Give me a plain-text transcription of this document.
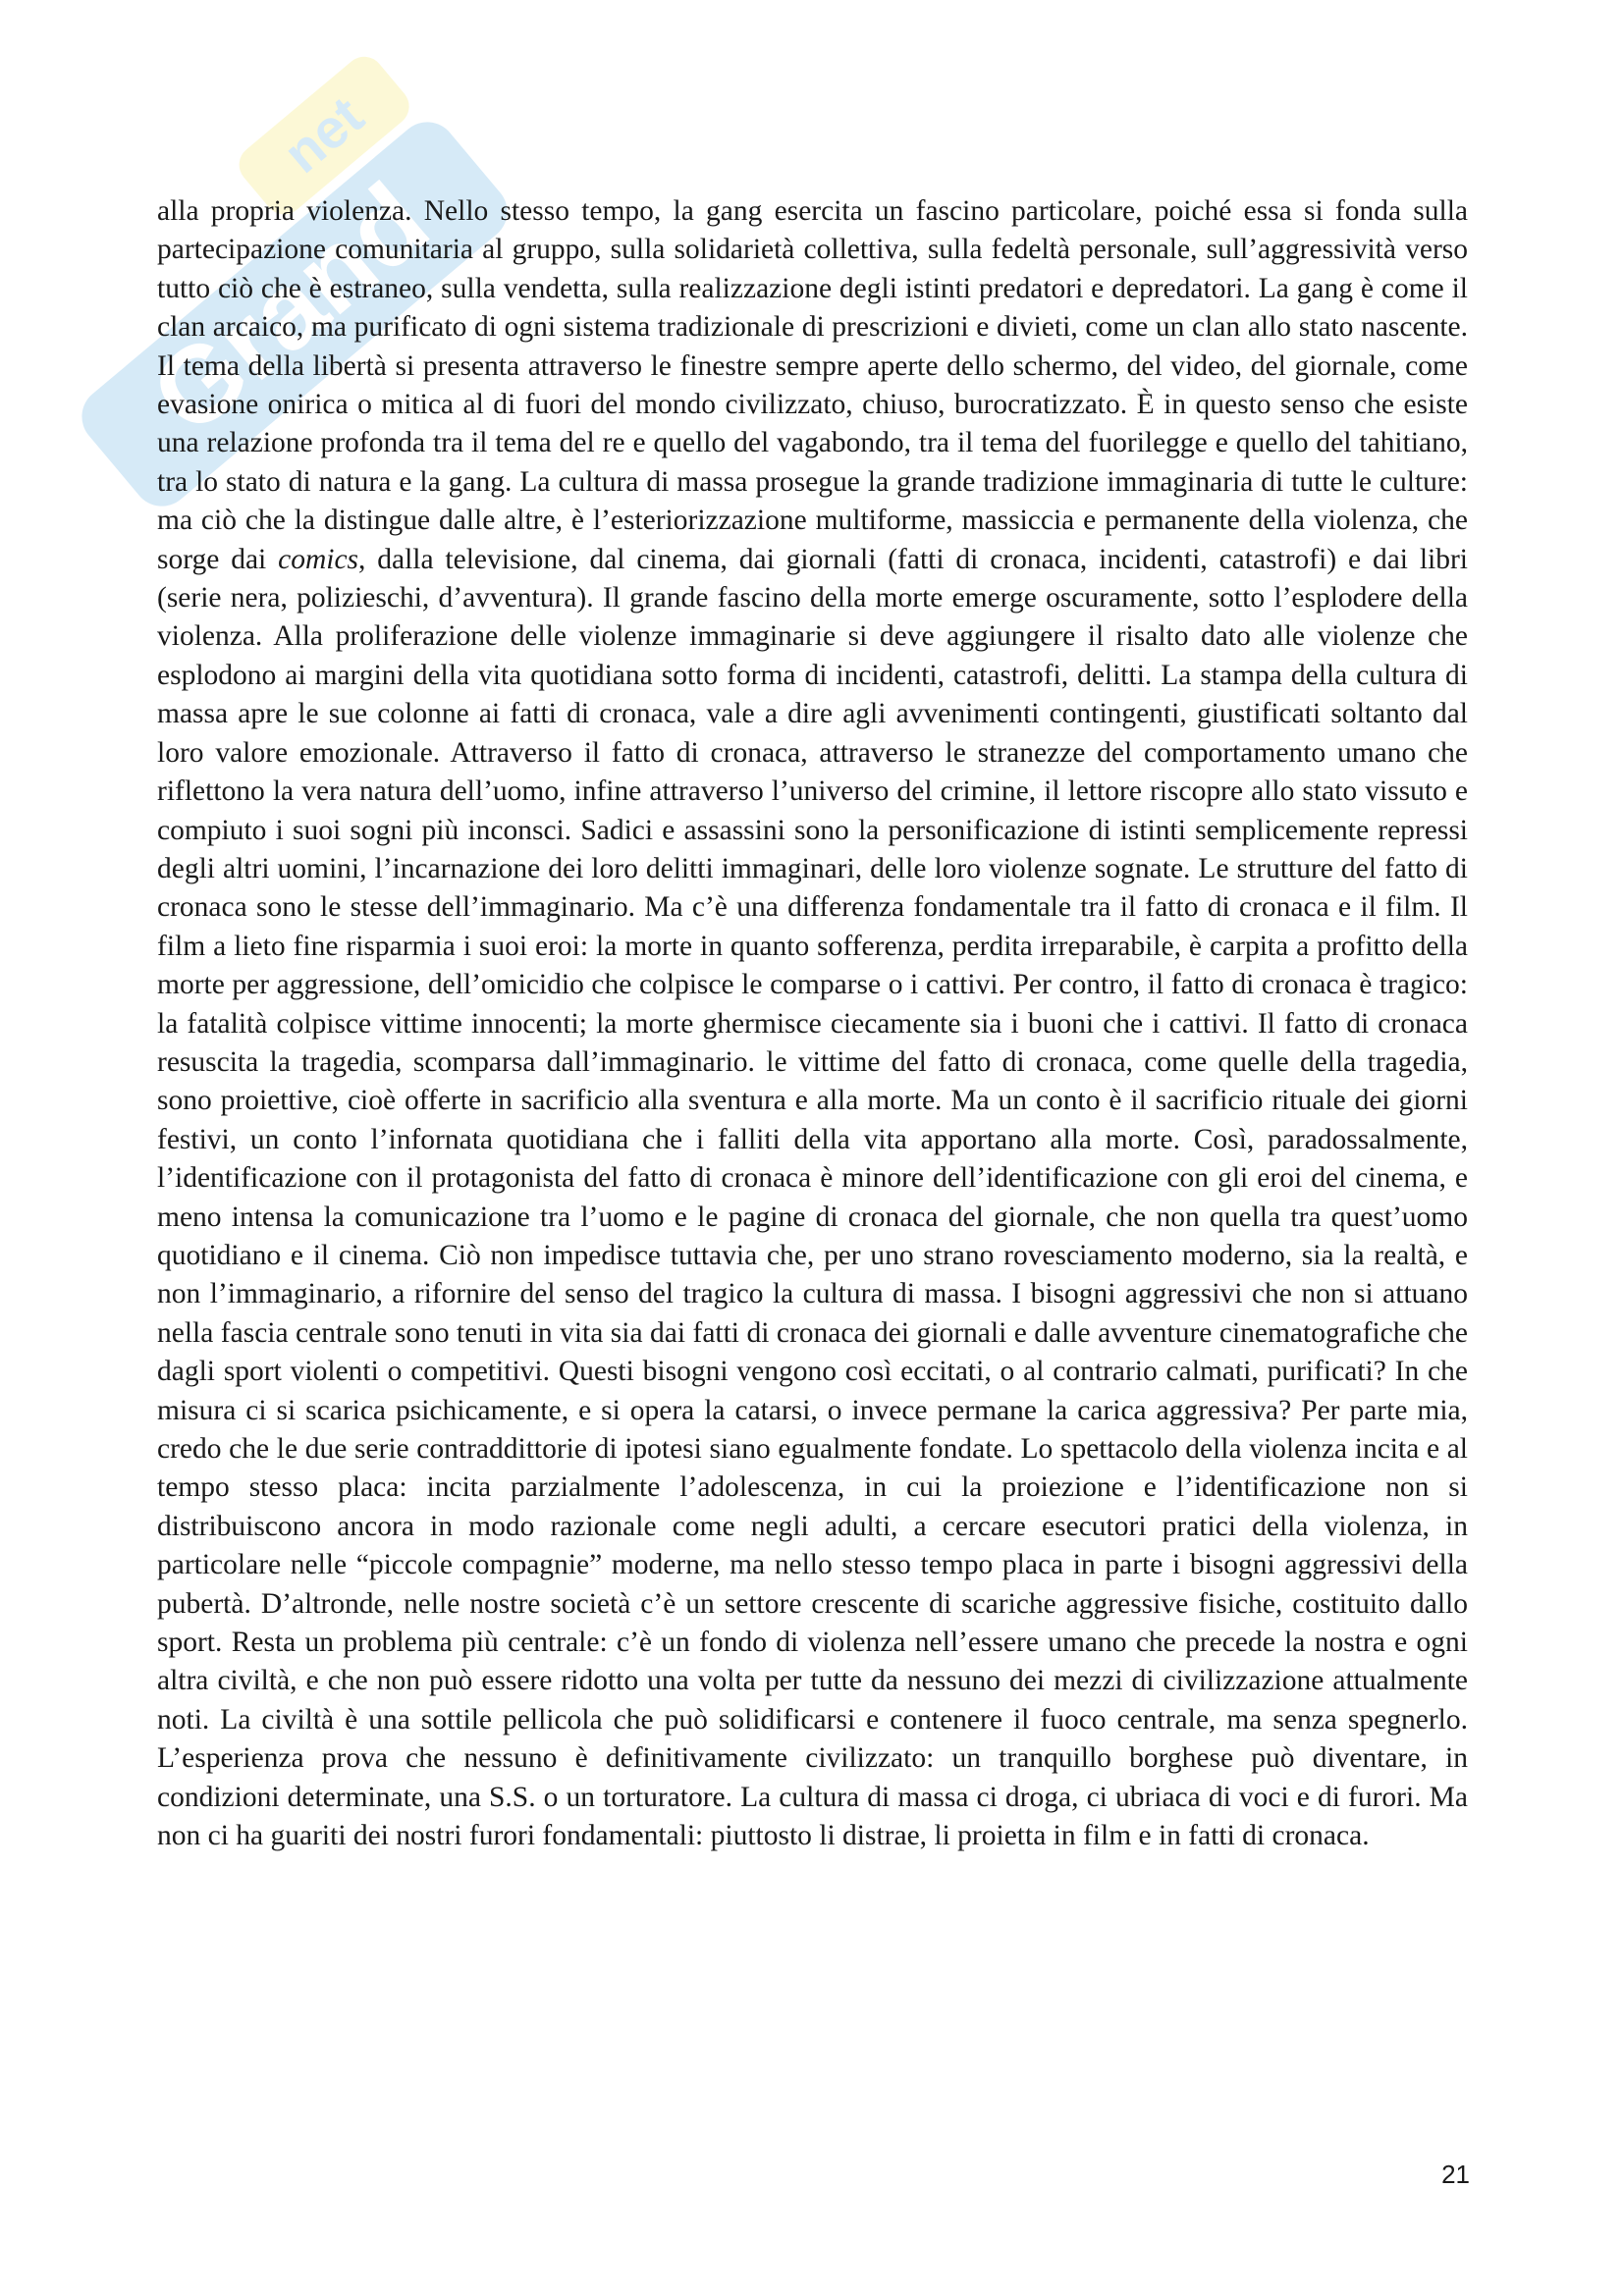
Grand
net

alla propria violenza. Nello stesso tempo, la gang esercita un fascino particolare, poiché essa si fonda sulla partecipazione comunitaria al gruppo, sulla solidarietà collettiva, sulla fedeltà personale, sull’aggressività verso tutto ciò che è estraneo, sulla vendetta, sulla realizzazione degli istinti predatori e depredatori. La gang è come il clan arcaico, ma purificato di ogni sistema tradizionale di prescrizioni e divieti, come un clan allo stato nascente. Il tema della libertà si presenta attraverso le finestre sempre aperte dello schermo, del video, del giornale, come evasione onirica o mitica al di fuori del mondo civilizzato, chiuso, burocratizzato. È in questo senso che esiste una relazione profonda tra il tema del re e quello del vagabondo, tra il tema del fuorilegge e quello del tahitiano, tra lo stato di natura e la gang. La cultura di massa prosegue la grande tradizione immaginaria di tutte le culture: ma ciò che la distingue dalle altre, è l’esteriorizzazione multiforme, massiccia e permanente della violenza, che sorge dai comics, dalla televisione, dal cinema, dai giornali (fatti di cronaca, incidenti, catastrofi) e dai libri (serie nera, polizieschi, d’avventura). Il grande fascino della morte emerge oscuramente, sotto l’esplodere della violenza. Alla proliferazione delle violenze immaginarie si deve aggiungere il risalto dato alle violenze che esplodono ai margini della vita quotidiana sotto forma di incidenti, catastrofi, delitti. La stampa della cultura di massa apre le sue colonne ai fatti di cronaca, vale a dire agli avvenimenti contingenti, giustificati soltanto dal loro valore emozionale. Attraverso il fatto di cronaca, attraverso le stranezze del comportamento umano che riflettono la vera natura dell’uomo, infine attraverso l’universo del crimine, il lettore riscopre allo stato vissuto e compiuto i suoi sogni più inconsci. Sadici e assassini sono la personificazione di istinti semplicemente repressi degli altri uomini, l’incarnazione dei loro delitti immaginari, delle loro violenze sognate. Le strutture del fatto di cronaca sono le stesse dell’immaginario. Ma c’è una differenza fondamentale tra il fatto di cronaca e il film. Il film a lieto fine risparmia i suoi eroi: la morte in quanto sofferenza, perdita irreparabile, è carpita a profitto della morte per aggressione, dell’omicidio che colpisce le comparse o i cattivi. Per contro, il fatto di cronaca è tragico: la fatalità colpisce vittime innocenti; la morte ghermisce ciecamente sia i buoni che i cattivi. Il fatto di cronaca resuscita la tragedia, scomparsa dall’immaginario. le vittime del fatto di cronaca, come quelle della tragedia, sono proiettive, cioè offerte in sacrificio alla sventura e alla morte. Ma un conto è il sacrificio rituale dei giorni festivi, un conto l’infornata quotidiana che i falliti della vita apportano alla morte. Così, paradossalmente, l’identificazione con il protagonista del fatto di cronaca è minore dell’identificazione con gli eroi del cinema, e meno intensa la comunicazione tra l’uomo e le pagine di cronaca del giornale, che non quella tra quest’uomo quotidiano e il cinema. Ciò non impedisce tuttavia che, per uno strano rovesciamento moderno, sia la realtà, e non l’immaginario, a rifornire del senso del tragico la cultura di massa. I bisogni aggressivi che non si attuano nella fascia centrale sono tenuti in vita sia dai fatti di cronaca dei giornali e dalle avventure cinematografiche che dagli sport violenti o competitivi. Questi bisogni vengono così eccitati, o al contrario calmati, purificati? In che misura ci si scarica psichicamente, e si opera la catarsi, o invece permane la carica aggressiva? Per parte mia, credo che le due serie contraddittorie di ipotesi siano egualmente fondate. Lo spettacolo della violenza incita e al tempo stesso placa: incita parzialmente l’adolescenza, in cui la proiezione e l’identificazione non si distribuiscono ancora in modo razionale come negli adulti, a cercare esecutori pratici della violenza, in particolare nelle “piccole compagnie” moderne, ma nello stesso tempo placa in parte i bisogni aggressivi della pubertà. D’altronde, nelle nostre società c’è un settore crescente di scariche aggressive fisiche, costituito dallo sport. Resta un problema più centrale: c’è un fondo di violenza nell’essere umano che precede la nostra e ogni altra civiltà, e che non può essere ridotto una volta per tutte da nessuno dei mezzi di civilizzazione attualmente noti. La civiltà è una sottile pellicola che può solidificarsi e contenere il fuoco centrale, ma senza spegnerlo. L’esperienza prova che nessuno è definitivamente civilizzato: un tranquillo borghese può diventare, in condizioni determinate, una S.S. o un torturatore. La cultura di massa ci droga, ci ubriaca di voci e di furori. Ma non ci ha guariti dei nostri furori fondamentali: piuttosto li distrae, li proietta in film e in fatti di cronaca.

21
